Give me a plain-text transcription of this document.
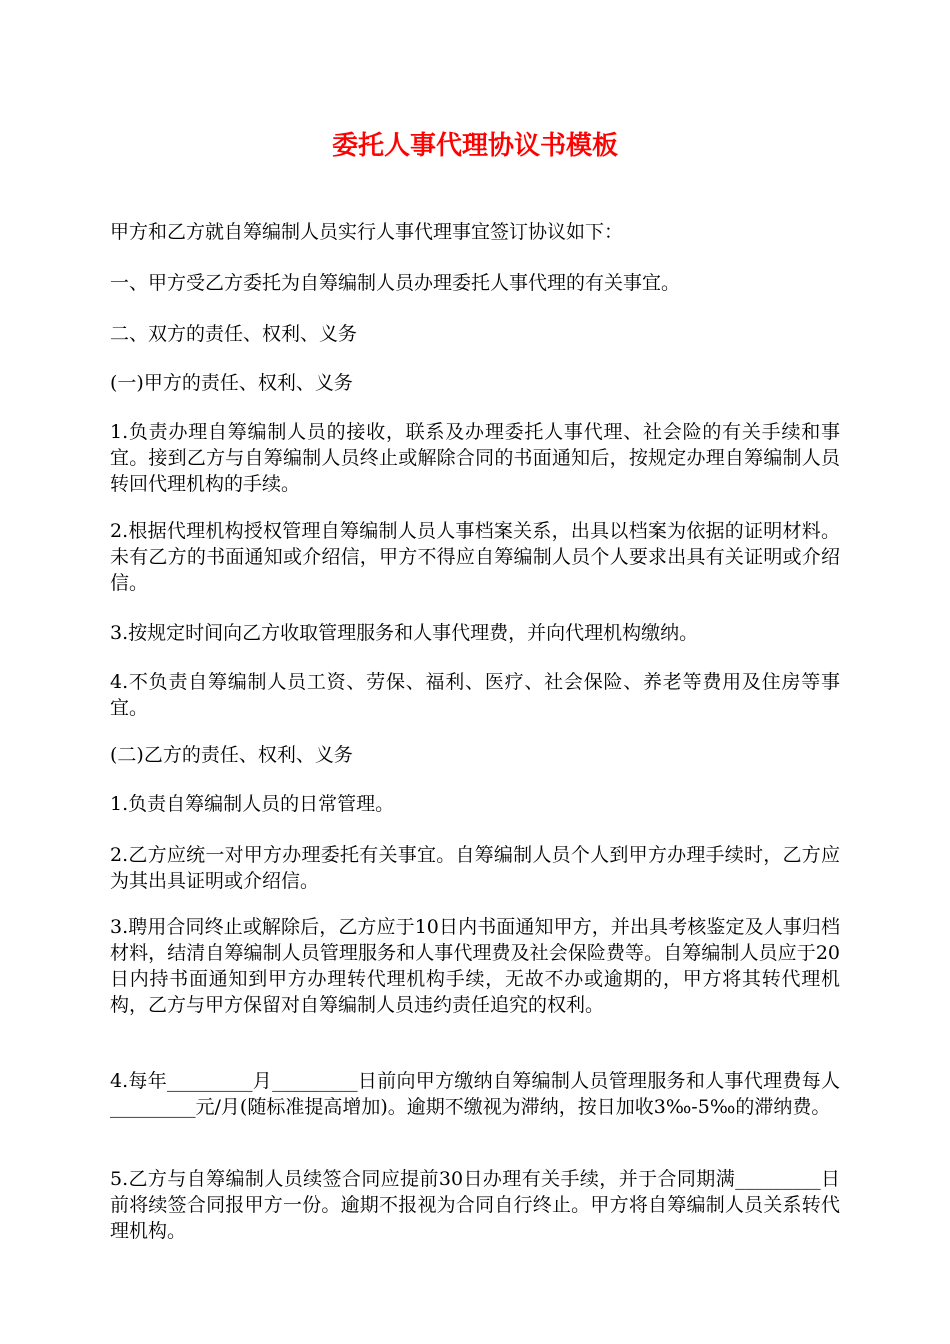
委托人事代理协议书模板

甲方和乙方就自筹编制人员实行人事代理事宜签订协议如下：

一、甲方受乙方委托为自筹编制人员办理委托人事代理的有关事宜。

二、双方的责任、权利、义务

(一)甲方的责任、权利、义务

1.负责办理自筹编制人员的接收，联系及办理委托人事代理、社会险的有关手续和事宜。接到乙方与自筹编制人员终止或解除合同的书面通知后，按规定办理自筹编制人员转回代理机构的手续。

2.根据代理机构授权管理自筹编制人员人事档案关系，出具以档案为依据的证明材料。未有乙方的书面通知或介绍信，甲方不得应自筹编制人员个人要求出具有关证明或介绍信。

3.按规定时间向乙方收取管理服务和人事代理费，并向代理机构缴纳。

4.不负责自筹编制人员工资、劳保、福利、医疗、社会保险、养老等费用及住房等事宜。

(二)乙方的责任、权利、义务

1.负责自筹编制人员的日常管理。

2.乙方应统一对甲方办理委托有关事宜。自筹编制人员个人到甲方办理手续时，乙方应为其出具证明或介绍信。

3.聘用合同终止或解除后，乙方应于10日内书面通知甲方，并出具考核鉴定及人事归档材料，结清自筹编制人员管理服务和人事代理费及社会保险费等。自筹编制人员应于20日内持书面通知到甲方办理转代理机构手续，无故不办或逾期的，甲方将其转代理机构，乙方与甲方保留对自筹编制人员违约责任追究的权利。

4.每年_________月_________日前向甲方缴纳自筹编制人员管理服务和人事代理费每人_________元/月(随标准提高增加)。逾期不缴视为滞纳，按日加收3‰-5‰的滞纳费。

5.乙方与自筹编制人员续签合同应提前30日办理有关手续，并于合同期满_________日前将续签合同报甲方一份。逾期不报视为合同自行终止。甲方将自筹编制人员关系转代理机构。
